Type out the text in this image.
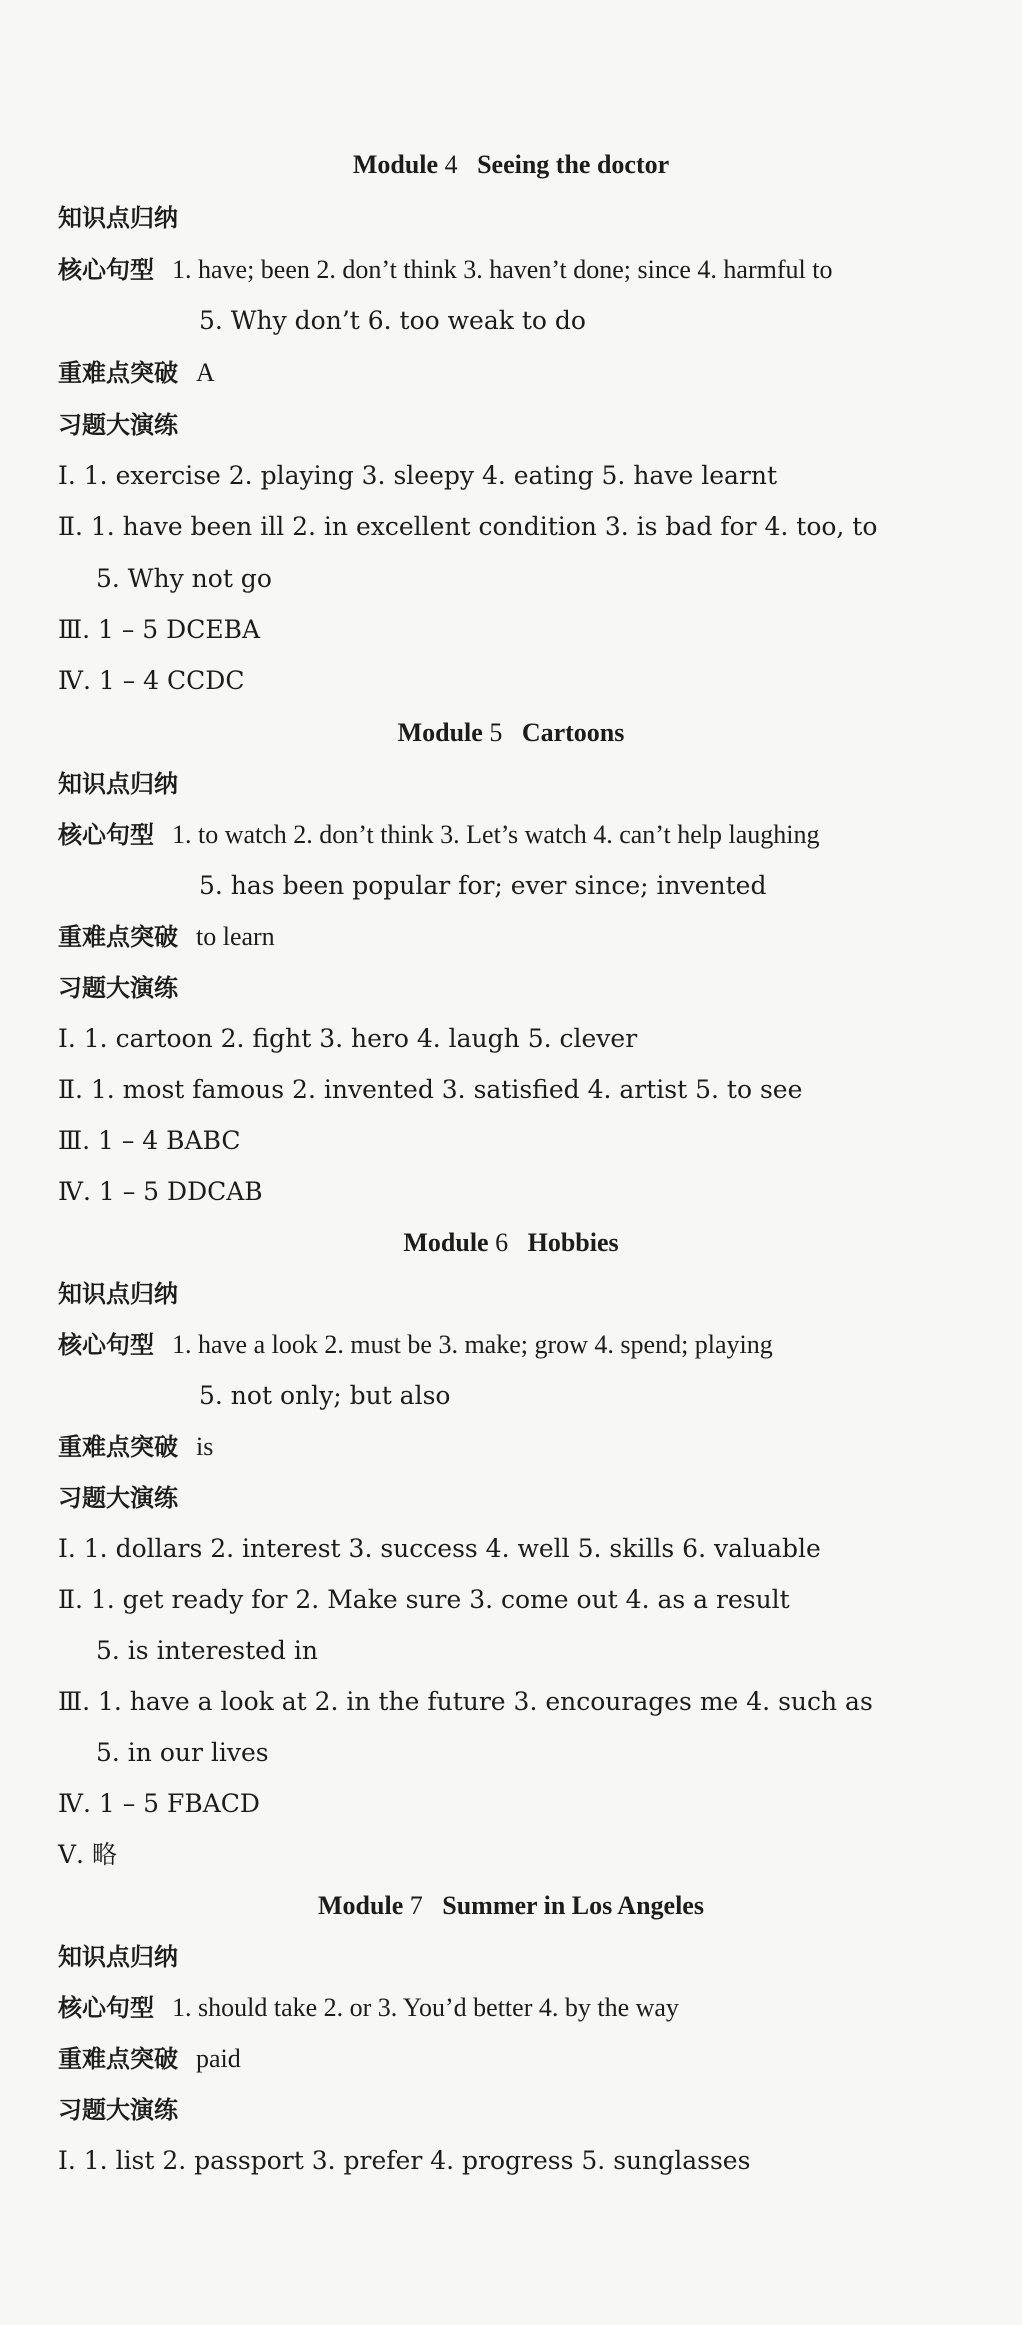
Module 4 Seeing the doctor
知识点归纳
核心句型 1. have; been 2. don’t think 3. haven’t done; since 4. harmful to
5. Why don’t 6. too weak to do
重难点突破 A
习题大演练
Ⅰ. 1. exercise 2. playing 3. sleepy 4. eating 5. have learnt
Ⅱ. 1. have been ill 2. in excellent condition 3. is bad for 4. too, to
5. Why not go
Ⅲ. 1 – 5 DCEBA
Ⅳ. 1 – 4 CCDC
Module 5 Cartoons
知识点归纳
核心句型 1. to watch 2. don’t think 3. Let’s watch 4. can’t help laughing
5. has been popular for; ever since; invented
重难点突破 to learn
习题大演练
Ⅰ. 1. cartoon 2. fight 3. hero 4. laugh 5. clever
Ⅱ. 1. most famous 2. invented 3. satisfied 4. artist 5. to see
Ⅲ. 1 – 4 BABC
Ⅳ. 1 – 5 DDCAB
Module 6 Hobbies
知识点归纳
核心句型 1. have a look 2. must be 3. make; grow 4. spend; playing
5. not only; but also
重难点突破 is
习题大演练
Ⅰ. 1. dollars 2. interest 3. success 4. well 5. skills 6. valuable
Ⅱ. 1. get ready for 2. Make sure 3. come out 4. as a result
5. is interested in
Ⅲ. 1. have a look at 2. in the future 3. encourages me 4. such as
5. in our lives
Ⅳ. 1 – 5 FBACD
Ⅴ. 略
Module 7 Summer in Los Angeles
知识点归纳
核心句型 1. should take 2. or 3. You’d better 4. by the way
重难点突破 paid
习题大演练
Ⅰ. 1. list 2. passport 3. prefer 4. progress 5. sunglasses
